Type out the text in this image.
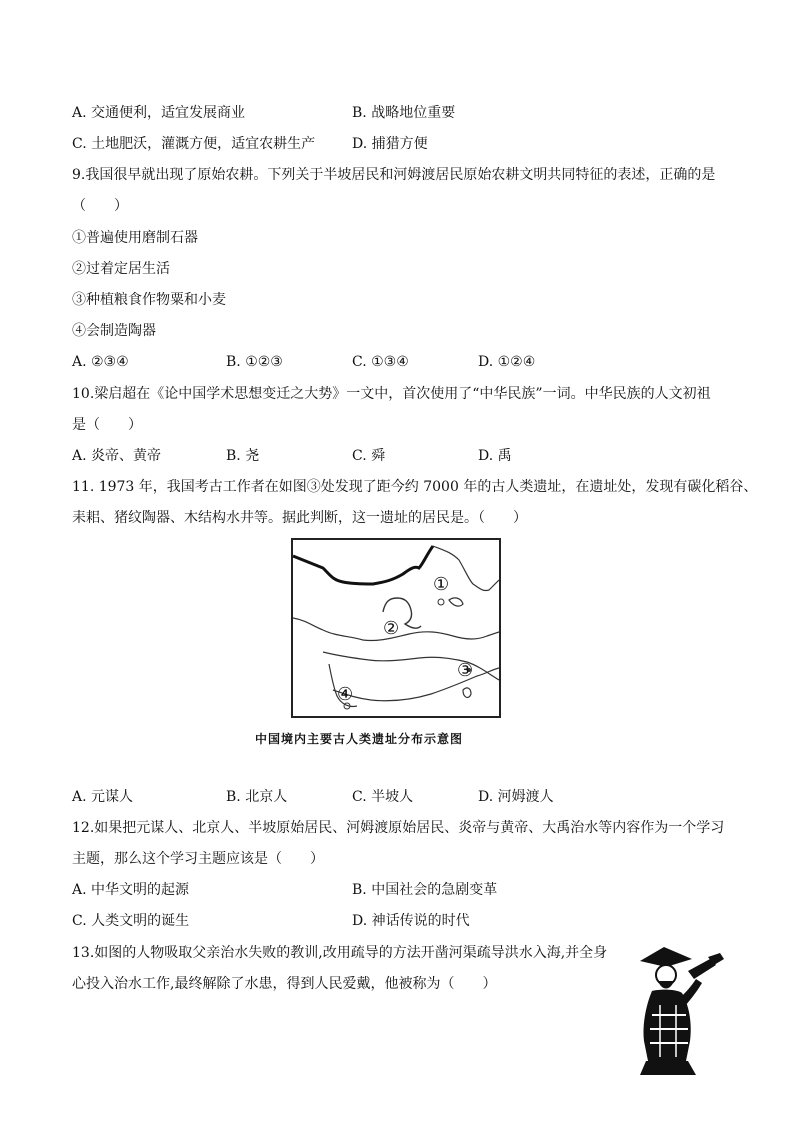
A. 交通便利，适宜发展商业	B. 战略地位重要
C. 土地肥沃，灌溉方便，适宜农耕生产	D. 捕猎方便
9.我国很早就出现了原始农耕。下列关于半坡居民和河姆渡居民原始农耕文明共同特征的表述，正确的是
（　　）
①普遍使用磨制石器
②过着定居生活
③种植粮食作物粟和小麦
④会制造陶器
A. ②③④	B. ①②③	C. ①③④	D. ①②④
10.梁启超在《论中国学术思想变迁之大势》一文中，首次使用了“中华民族”一词。中华民族的人文初祖
是（　　）
A. 炎帝、黄帝	B. 尧	C. 舜	D. 禹
11. 1973 年，我国考古工作者在如图③处发现了距今约 7000 年的古人类遗址，在遗址处，发现有碳化稻谷、
耒耜、猪纹陶器、木结构水井等。据此判断，这一遗址的居民是。（　　）
①
②
③
④
中国境内主要古人类遗址分布示意图
A. 元谋人	B. 北京人	C. 半坡人	D. 河姆渡人
12.如果把元谋人、北京人、半坡原始居民、河姆渡原始居民、炎帝与黄帝、大禹治水等内容作为一个学习
主题，那么这个学习主题应该是（　　）
A. 中华文明的起源	B. 中国社会的急剧变革
C. 人类文明的诞生	D. 神话传说的时代
13.如图的人物吸取父亲治水失败的教训,改用疏导的方法开凿河渠疏导洪水入海,并全身
心投入治水工作,最终解除了水患，得到人民爱戴，他被称为（　　）
